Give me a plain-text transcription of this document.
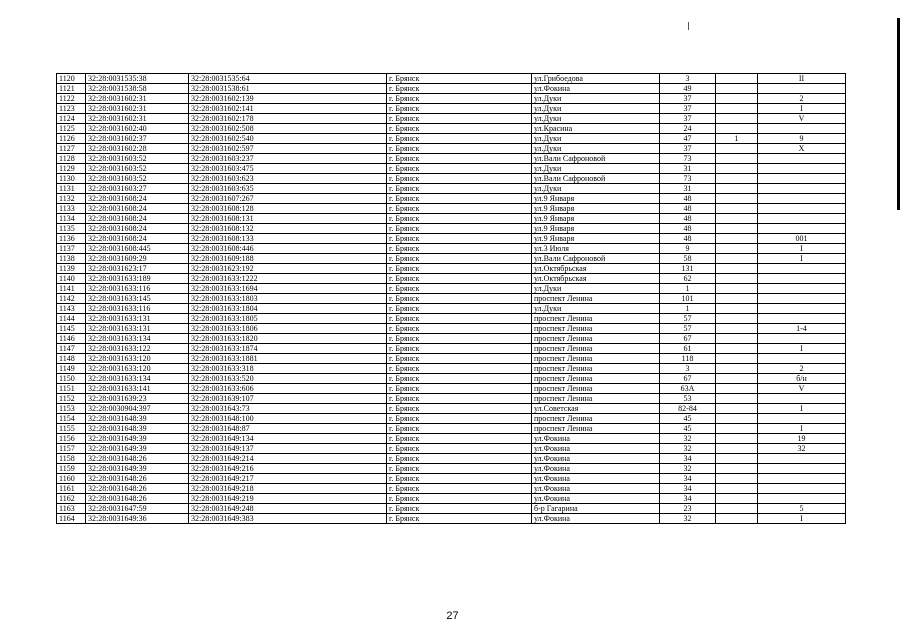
1120	32:28:0031535:38	32:28:0031535:64	г. Брянск	ул.Грибоедова	3		II
1121	32:28:0031538:58	32:28:0031538:61	г. Брянск	ул.Фокина	49		
1122	32:28:0031602:31	32:28:0031602:139	г. Брянск	ул.Дуки	37		2
1123	32:28:0031602:31	32:28:0031602:141	г. Брянск	ул.Дуки	37		I
1124	32:28:0031602:31	32:28:0031602:178	г. Брянск	ул.Дуки	37		V
1125	32:28:0031602:40	32:28:0031602:508	г. Брянск	ул.Красина	24		
1126	32:28:0031602:37	32:28:0031602:540	г. Брянск	ул.Дуки	47	1	9
1127	32:28:0031602:28	32:28:0031602:597	г. Брянск	ул.Дуки	37		X
1128	32:28:0031603:52	32:28:0031603:237	г. Брянск	ул.Вали Сафроновой	73		
1129	32:28:0031603:52	32:28:0031603:475	г. Брянск	ул.Дуки	31		
1130	32:28:0031603:52	32:28:0031603:623	г. Брянск	ул.Вали Сафроновой	73		
1131	32:28:0031603:27	32:28:0031603:635	г. Брянск	ул.Дуки	31		
1132	32:28:0031608:24	32:28:0031607:267	г. Брянск	ул.9 Января	48		
1133	32:28:0031608:24	32:28:0031608:128	г. Брянск	ул.9 Января	48		
1134	32:28:0031608:24	32:28:0031608:131	г. Брянск	ул.9 Января	48		
1135	32:28:0031608:24	32:28:0031608:132	г. Брянск	ул.9 Января	48		
1136	32:28:0031608:24	32:28:0031608:133	г. Брянск	ул.9 Января	48		001
1137	32:28:0031608:445	32:28:0031608:446	г. Брянск	ул.3 Июля	9		I
1138	32:28:0031609:29	32:28:0031609:188	г. Брянск	ул.Вали Сафроновой	58		I
1139	32:28:0031623:17	32:28:0031623:192	г. Брянск	ул.Октябрьская	131		
1140	32:28:0031633:189	32:28:0031633:1222	г. Брянск	ул.Октябрьская	62		
1141	32:28:0031633:116	32:28:0031633:1694	г. Брянск	ул.Дуки	1		
1142	32:28:0031633:145	32:28:0031633:1803	г. Брянск	проспект Ленина	101		
1143	32:28:0031633:116	32:28:0031633:1804	г. Брянск	ул.Дуки	1		
1144	32:28:0031633:131	32:28:0031633:1805	г. Брянск	проспект Ленина	57		
1145	32:28:0031633:131	32:28:0031633:1806	г. Брянск	проспект Ленина	57		1-4
1146	32:28:0031633:134	32:28:0031633:1820	г. Брянск	проспект Ленина	67		
1147	32:28:0031633:122	32:28:0031633:1874	г. Брянск	проспект Ленина	61		I
1148	32:28:0031633:120	32:28:0031633:1881	г. Брянск	проспект Ленина	118		
1149	32:28:0031633:120	32:28:0031633:318	г. Брянск	проспект Ленина	3		2
1150	32:28:0031633:134	32:28:0031633:520	г. Брянск	проспект Ленина	67		б/н
1151	32:28:0031633:141	32:28:0031633:606	г. Брянск	проспект Ленина	63А		V
1152	32:28:0031639:23	32:28:0031639:107	г. Брянск	проспект Ленина	53		
1153	32:28:0030904:397	32:28:0031643:73	г. Брянск	ул.Советская	82-84		I
1154	32:28:0031648:39	32:28:0031648:100	г. Брянск	проспект Ленина	45		
1155	32:28:0031648:39	32:28:0031648:87	г. Брянск	проспект Ленина	45		I
1156	32:28:0031649:39	32:28:0031649:134	г. Брянск	ул.Фокина	32		19
1157	32:28:0031649:39	32:28:0031649:137	г. Брянск	ул.Фокина	32		32
1158	32:28:0031648:26	32:28:0031649:214	г. Брянск	ул.Фокина	34		
1159	32:28:0031649:39	32:28:0031649:216	г. Брянск	ул.Фокина	32		
1160	32:28:0031648:26	32:28:0031649:217	г. Брянск	ул.Фокина	34		
1161	32:28:0031648:26	32:28:0031649:218	г. Брянск	ул.Фокина	34		
1162	32:28:0031648:26	32:28:0031649:219	г. Брянск	ул.Фокина	34		
1163	32:28:0031647:59	32:28:0031649:248	г. Брянск	б-р Гагарина	23		5
1164	32:28:0031649:36	32:28:0031649:383	г. Брянск	ул.Фокина	32		I
27
